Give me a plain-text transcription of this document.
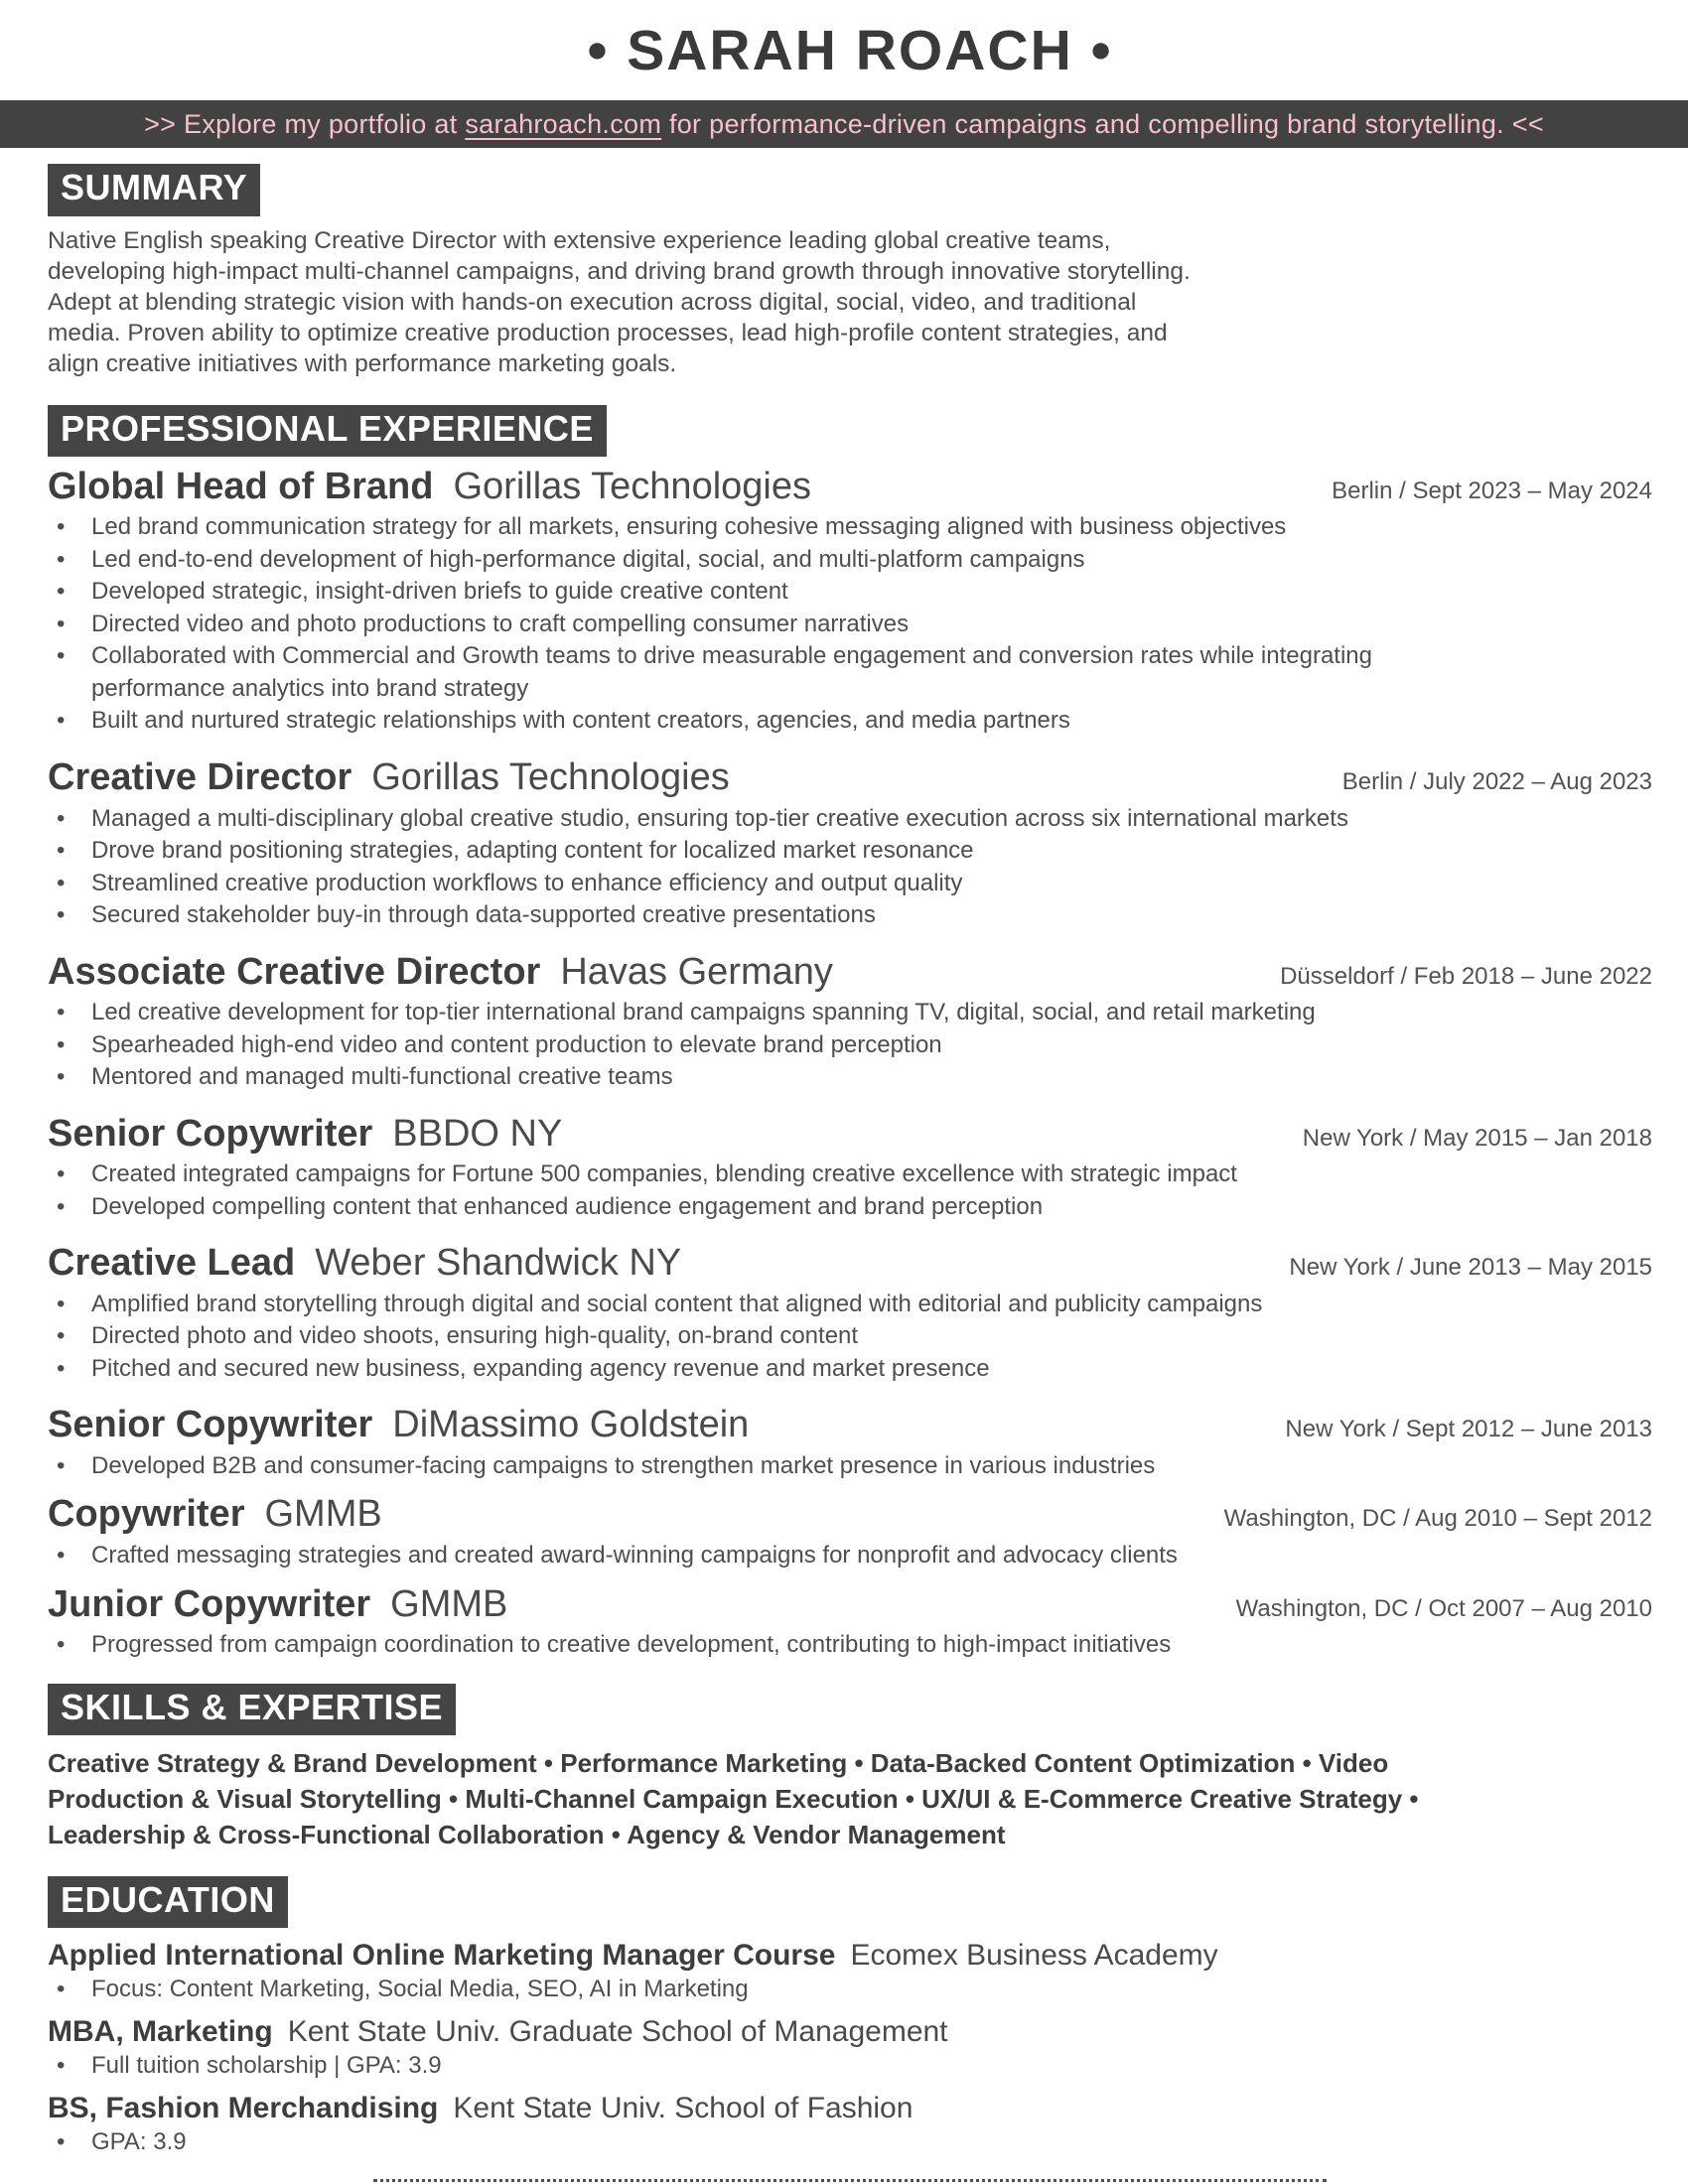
• SARAH ROACH •
>> Explore my portfolio at sarahroach.com for performance-driven campaigns and compelling brand storytelling. <<
SUMMARY

Native English speaking Creative Director with extensive experience leading global creative teams, developing high-impact multi-channel campaigns, and driving brand growth through innovative storytelling. Adept at blending strategic vision with hands-on execution across digital, social, video, and traditional media. Proven ability to optimize creative production processes, lead high-profile content strategies, and align creative initiatives with performance marketing goals.

PROFESSIONAL EXPERIENCE
Global Head of Brand Gorillas Technologies	Berlin / Sept 2023 – May 2024
• Led brand communication strategy for all markets, ensuring cohesive messaging aligned with business objectives
• Led end-to-end development of high-performance digital, social, and multi-platform campaigns
• Developed strategic, insight-driven briefs to guide creative content
• Directed video and photo productions to craft compelling consumer narratives
• Collaborated with Commercial and Growth teams to drive measurable engagement and conversion rates while integrating performance analytics into brand strategy
• Built and nurtured strategic relationships with content creators, agencies, and media partners
Creative Director Gorillas Technologies	Berlin / July 2022 – Aug 2023
• Managed a multi-disciplinary global creative studio, ensuring top-tier creative execution across six international markets
• Drove brand positioning strategies, adapting content for localized market resonance
• Streamlined creative production workflows to enhance efficiency and output quality
• Secured stakeholder buy-in through data-supported creative presentations
Associate Creative Director Havas Germany	Düsseldorf / Feb 2018 – June 2022
• Led creative development for top-tier international brand campaigns spanning TV, digital, social, and retail marketing
• Spearheaded high-end video and content production to elevate brand perception
• Mentored and managed multi-functional creative teams
Senior Copywriter BBDO NY	New York / May 2015 – Jan 2018
• Created integrated campaigns for Fortune 500 companies, blending creative excellence with strategic impact
• Developed compelling content that enhanced audience engagement and brand perception
Creative Lead Weber Shandwick NY	New York / June 2013 – May 2015
• Amplified brand storytelling through digital and social content that aligned with editorial and publicity campaigns
• Directed photo and video shoots, ensuring high-quality, on-brand content
• Pitched and secured new business, expanding agency revenue and market presence
Senior Copywriter DiMassimo Goldstein	New York / Sept 2012 – June 2013
• Developed B2B and consumer-facing campaigns to strengthen market presence in various industries
Copywriter GMMB	Washington, DC / Aug 2010 – Sept 2012
• Crafted messaging strategies and created award-winning campaigns for nonprofit and advocacy clients
Junior Copywriter GMMB	Washington, DC / Oct 2007 – Aug 2010
• Progressed from campaign coordination to creative development, contributing to high-impact initiatives
SKILLS & EXPERTISE

Creative Strategy & Brand Development • Performance Marketing • Data-Backed Content Optimization • Video Production & Visual Storytelling • Multi-Channel Campaign Execution • UX/UI & E-Commerce Creative Strategy • Leadership & Cross-Functional Collaboration • Agency & Vendor Management

EDUCATION
Applied International Online Marketing Manager Course Ecomex Business Academy
• Focus: Content Marketing, Social Media, SEO, AI in Marketing
MBA, Marketing Kent State Univ. Graduate School of Management
• Full tuition scholarship | GPA: 3.9
BS, Fashion Merchandising Kent State Univ. School of Fashion
• GPA: 3.9
